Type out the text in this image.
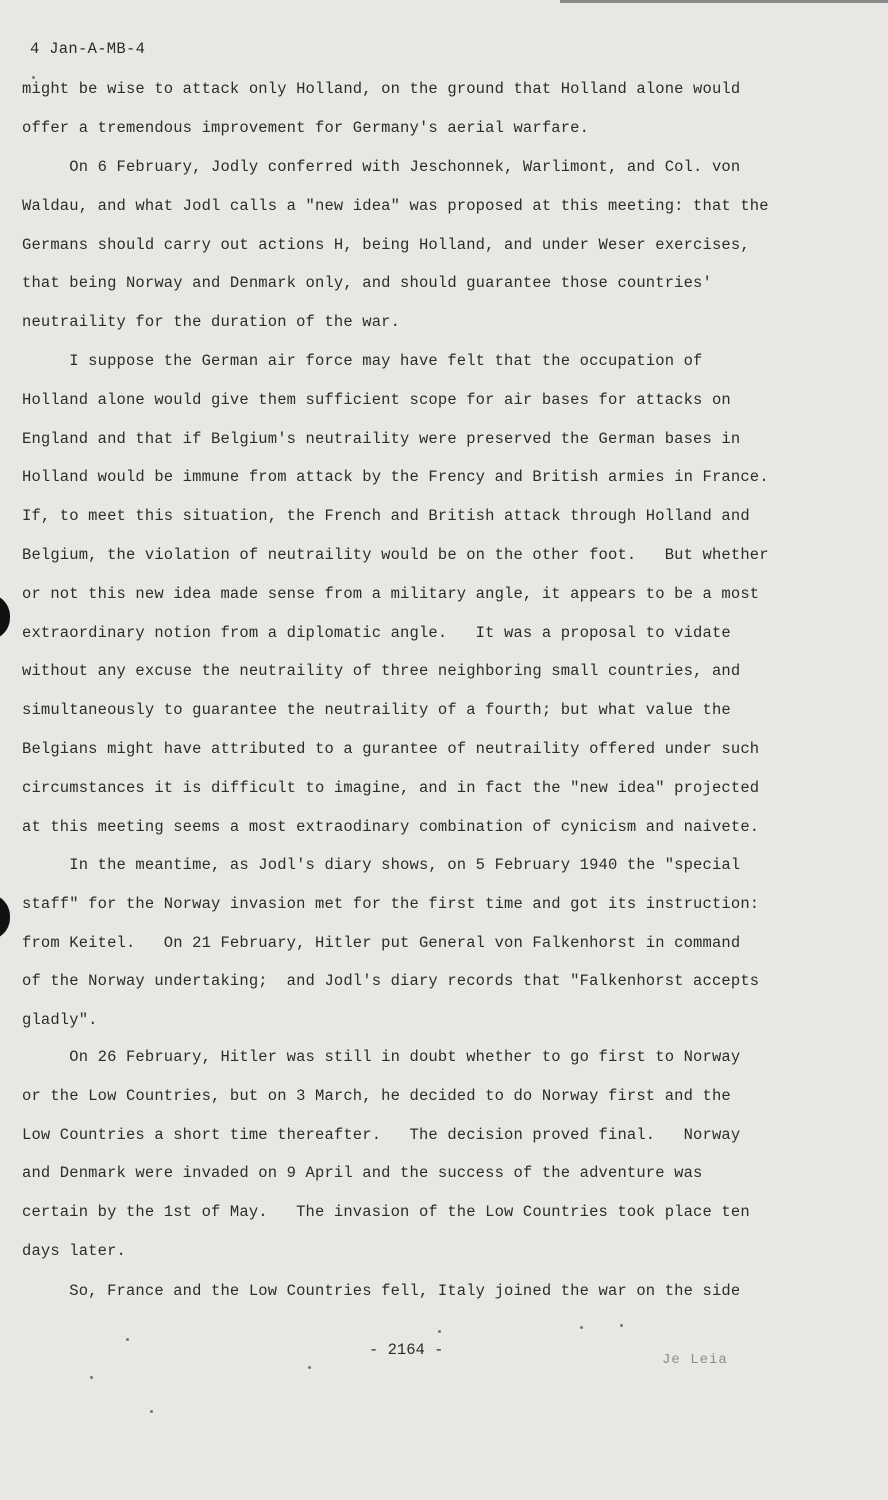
4 Jan-A-MB-4

might be wise to attack only Holland, on the ground that Holland alone would
offer a tremendous improvement for Germany's aerial warfare.

On 6 February, Jodly conferred with Jeschonnek, Warlimont, and Col. von
Waldau, and what Jodl calls a "new idea" was proposed at this meeting: that the
Germans should carry out actions H, being Holland, and under Weser exercises,
that being Norway and Denmark only, and should guarantee those countries'
neutraility for the duration of the war.

I suppose the German air force may have felt that the occupation of
Holland alone would give them sufficient scope for air bases for attacks on
England and that if Belgium's neutraility were preserved the German bases in
Holland would be immune from attack by the Frency and British armies in France.
If, to meet this situation, the French and British attack through Holland and
Belgium, the violation of neutraility would be on the other foot.   But whether
or not this new idea made sense from a military angle, it appears to be a most
extraordinary notion from a diplomatic angle.   It was a proposal to vidate
without any excuse the neutraility of three neighboring small countries, and
simultaneously to guarantee the neutraility of a fourth; but what value the
Belgians might have attributed to a gurantee of neutraility offered under such
circumstances it is difficult to imagine, and in fact the "new idea" projected
at this meeting seems a most extraodinary combination of cynicism and naivete.

In the meantime, as Jodl's diary shows, on 5 February 1940 the "special
staff" for the Norway invasion met for the first time and got its instruction:
from Keitel.   On 21 February, Hitler put General von Falkenhorst in command
of the Norway undertaking;  and Jodl's diary records that "Falkenhorst accepts
gladly".

On 26 February, Hitler was still in doubt whether to go first to Norway
or the Low Countries, but on 3 March, he decided to do Norway first and the
Low Countries a short time thereafter.   The decision proved final.   Norway
and Denmark were invaded on 9 April and the success of the adventure was
certain by the 1st of May.   The invasion of the Low Countries took place ten
days later.

So, France and the Low Countries fell, Italy joined the war on the side

- 2164 -
Je Leia
